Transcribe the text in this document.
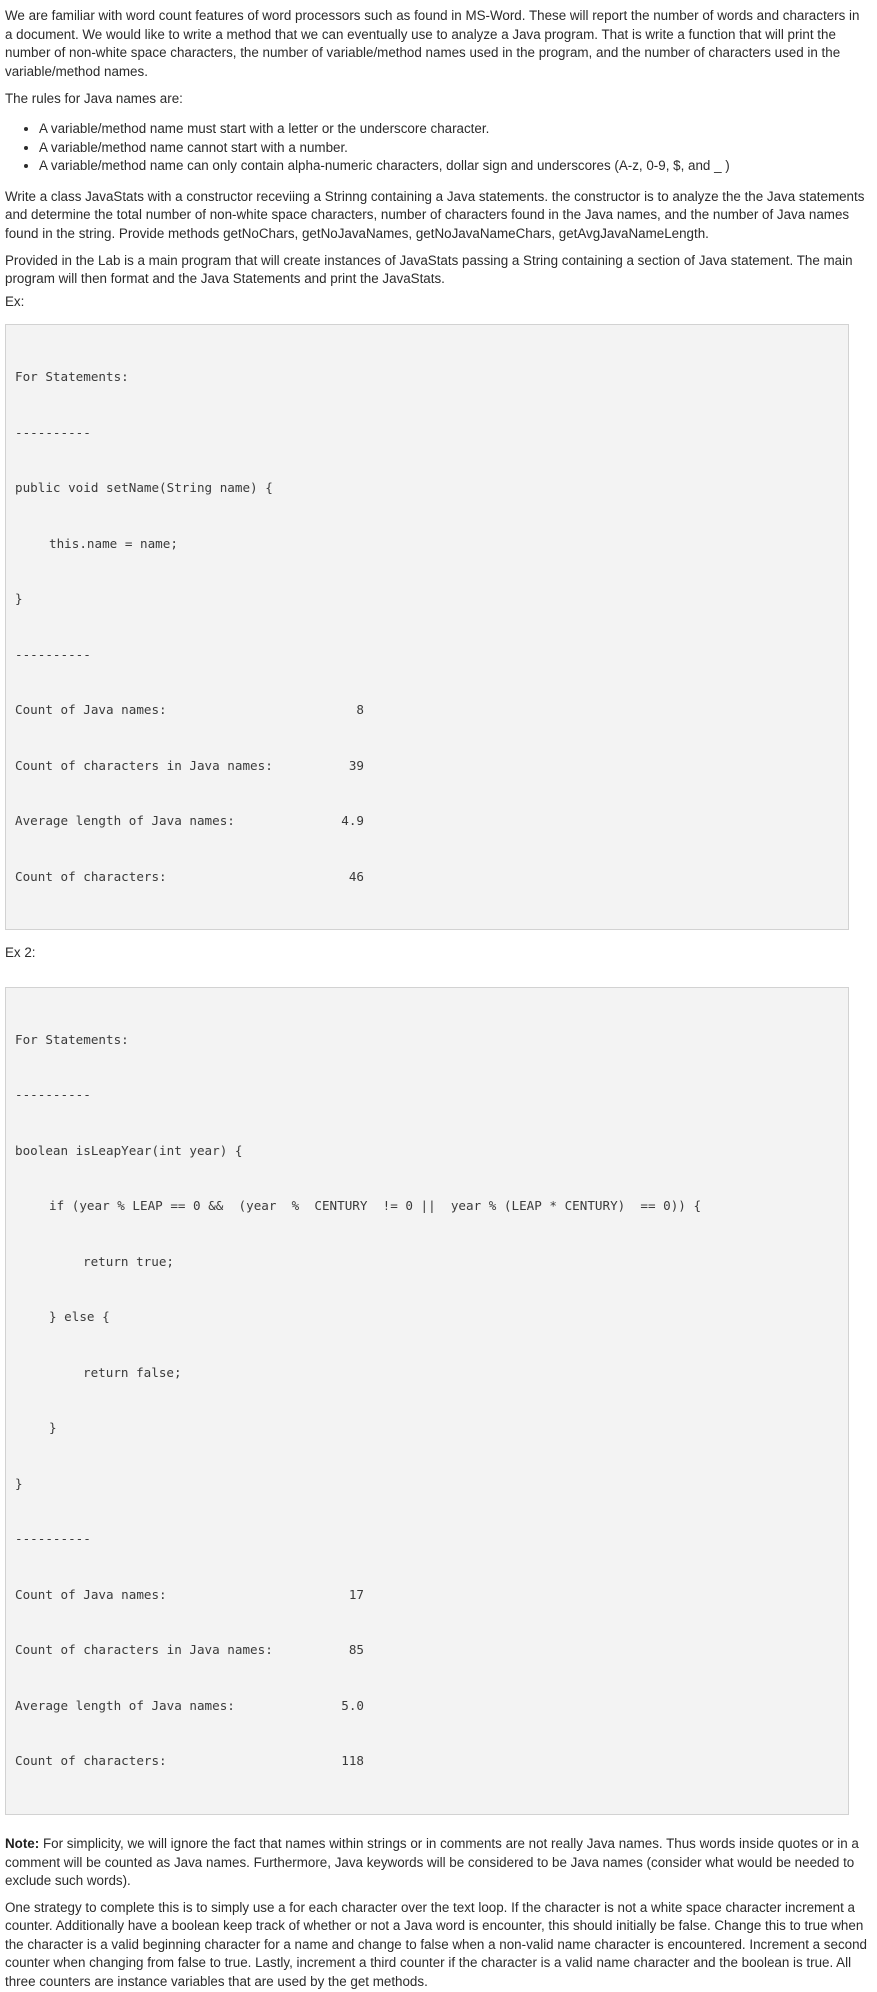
We are familiar with word count features of word processors such as found in MS-Word. These will report the number of words and characters in a document. We would like to write a method that we can eventually use to analyze a Java program. That is write a function that will print the number of non-white space characters, the number of variable/method names used in the program, and the number of characters used in the variable/method names.

The rules for Java names are:

• A variable/method name must start with a letter or the underscore character.
• A variable/method name cannot start with a number.
• A variable/method name can only contain alpha-numeric characters, dollar sign and underscores (A-z, 0-9, $, and _ )

Write a class JavaStats with a constructor receviing a Strinng containing a Java statements. the constructor is to analyze the the Java statements and determine the total number of non-white space characters, number of characters found in the Java names, and the number of Java names found in the string. Provide methods getNoChars, getNoJavaNames, getNoJavaNameChars, getAvgJavaNameLength.

Provided in the Lab is a main program that will create instances of JavaStats passing a String containing a section of Java statement. The main program will then format and the Java Statements and print the JavaStats.

Ex:

For Statements:

----------

public void setName(String name) {

this.name = name;

}

----------

Count of Java names:	8

Count of characters in Java names:	39

Average length of Java names:	4.9

Count of characters:	46

Ex 2:

For Statements:

----------

boolean isLeapYear(int year) {

if (year % LEAP == 0 &&  (year  %  CENTURY  != 0 ||  year % (LEAP * CENTURY)  == 0)) {

return true;

} else {

return false;

}

}

----------

Count of Java names:	17

Count of characters in Java names:	85

Average length of Java names:	5.0

Count of characters:	118

Note: For simplicity, we will ignore the fact that names within strings or in comments are not really Java names. Thus words inside quotes or in a comment will be counted as Java names. Furthermore, Java keywords will be considered to be Java names (consider what would be needed to exclude such words).

One strategy to complete this is to simply use a for each character over the text loop. If the character is not a white space character increment a counter. Additionally have a boolean keep track of whether or not a Java word is encounter, this should initially be false. Change this to true when the character is a valid beginning character for a name and change to false when a non-valid name character is encountered. Increment a second counter when changing from false to true. Lastly, increment a third counter if the character is a valid name character and the boolean is true. All three counters are instance variables that are used by the get methods.
